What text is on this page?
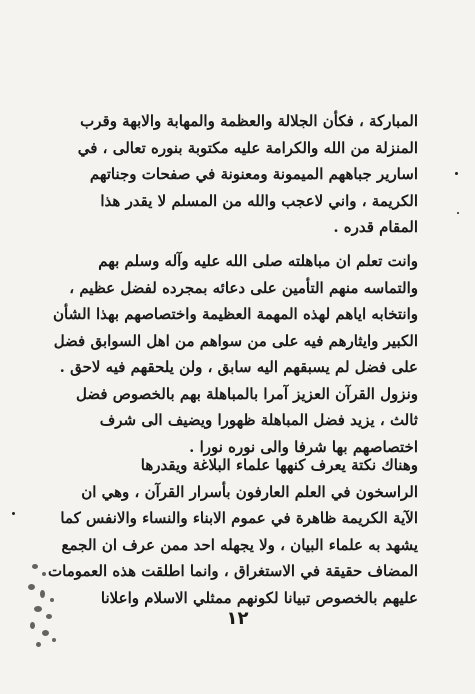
المباركة ، فكأن الجلالة والعظمة والمهابة والابهة وقرب
المنزلة من الله والكرامة عليه مكتوبة بنوره تعالى ، في
اسارير جباههم الميمونة ومعنونة في صفحات وجناتهم
الكريمة ، واني لاعجب والله من المسلم لا يقدر هذا
المقام قدره .
وانت تعلم ان مباهلته صلى الله عليه وآله وسلم بهم
والتماسه منهم التأمين على دعائه بمجرده لفضل عظيم ،
وانتخابه اياهم لهذه المهمة العظيمة واختصاصهم بهذا الشأن
الكبير وايثارهم فيه على من سواهم من اهل السوابق فضل
على فضل لم يسبقهم اليه سابق ، ولن يلحقهم فيه لاحق .
ونزول القرآن العزيز آمرا بالمباهلة بهم بالخصوص فضل
ثالث ، يزيد فضل المباهلة ظهورا ويضيف الى شرف
اختصاصهم بها شرفا والى نوره نورا .
وهناك نكتة يعرف كنهها علماء البلاغة ويقدرها
الراسخون في العلم العارفون بأسرار القرآن ، وهي ان
الآية الكريمة ظاهرة في عموم الابناء والنساء والانفس كما
يشهد به علماء البيان ، ولا يجهله احد ممن عرف ان الجمع
المضاف حقيقة في الاستغراق ، وانما اطلقت هذه العمومات
عليهم بالخصوص تبيانا لكونهم ممثلي الاسلام واعلانا
١٢
